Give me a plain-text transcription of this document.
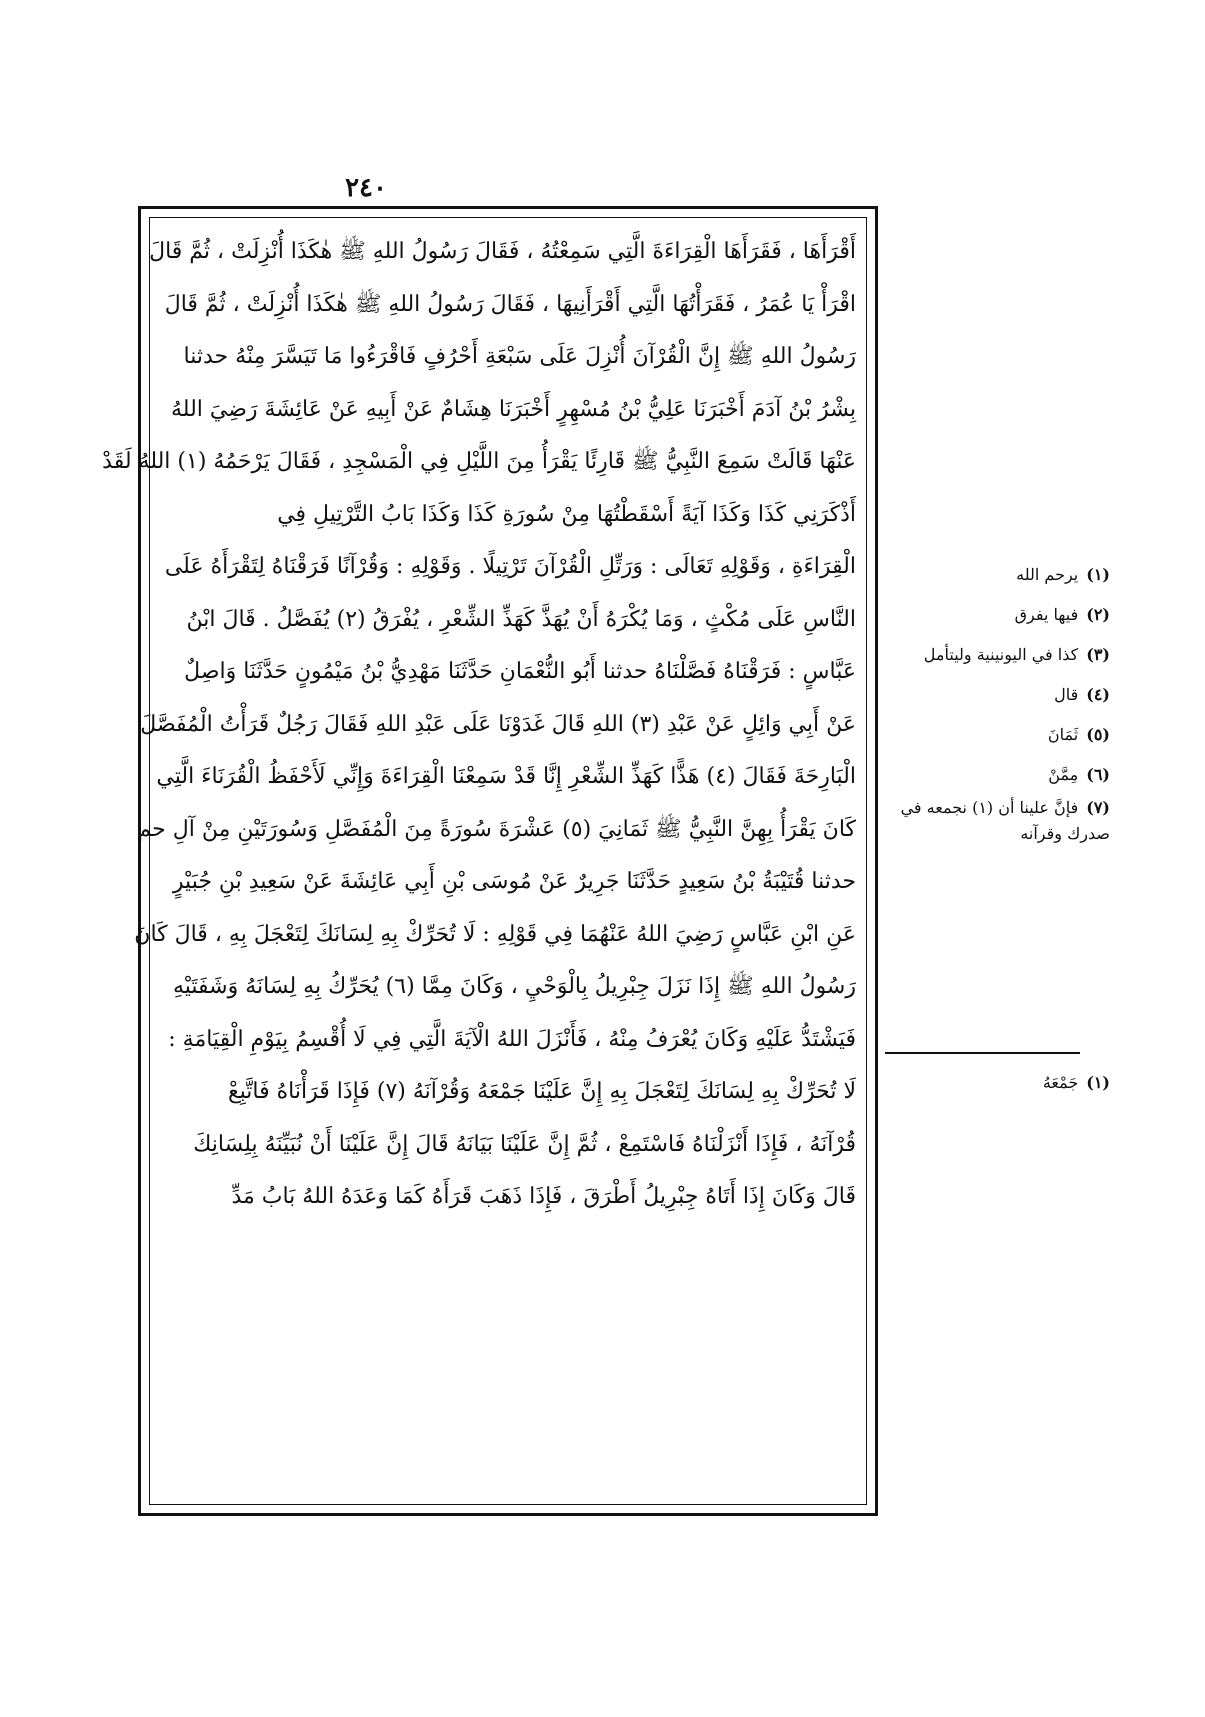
٢٤٠
أَقْرَأَهَا ، فَقَرَأَهَا الْقِرَاءَةَ الَّتِي سَمِعْتُهُ ، فَقَالَ رَسُولُ اللهِ ﷺ هٰكَذَا أُنْزِلَتْ ، ثُمَّ قَالَ
اقْرَأْ يَا عُمَرُ ، فَقَرَأْتُهَا الَّتِي أَقْرَأَنِيهَا ، فَقَالَ رَسُولُ اللهِ ﷺ هٰكَذَا أُنْزِلَتْ ، ثُمَّ قَالَ
رَسُولُ اللهِ ﷺ إِنَّ الْقُرْآنَ أُنْزِلَ عَلَى سَبْعَةِ أَحْرُفٍ فَاقْرَءُوا مَا تَيَسَّرَ مِنْهُ حدثنا
بِشْرُ بْنُ آدَمَ أَخْبَرَنَا عَلِيُّ بْنُ مُسْهِرٍ أَخْبَرَنَا هِشَامٌ عَنْ أَبِيهِ عَنْ عَائِشَةَ رَضِيَ اللهُ
عَنْهَا قَالَتْ سَمِعَ النَّبِيُّ ﷺ قَارِئًا يَقْرَأُ مِنَ اللَّيْلِ فِي الْمَسْجِدِ ، فَقَالَ يَرْحَمُهُ (١) اللهُ لَقَدْ
أَذْكَرَنِي كَذَا وَكَذَا آيَةً أَسْقَطْتُهَا مِنْ سُورَةِ كَذَا وَكَذَا بَابُ التَّرْتِيلِ فِي
الْقِرَاءَةِ ، وَقَوْلِهِ تَعَالَى : وَرَتِّلِ الْقُرْآنَ تَرْتِيلًا . وَقَوْلِهِ : وَقُرْآنًا فَرَقْنَاهُ لِتَقْرَأَهُ عَلَى
النَّاسِ عَلَى مُكْثٍ ، وَمَا يُكْرَهُ أَنْ يُهَذَّ كَهَذِّ الشِّعْرِ ، يُفْرَقُ (٢) يُفَصَّلُ . قَالَ ابْنُ
عَبَّاسٍ : فَرَقْنَاهُ فَصَّلْنَاهُ حدثنا أَبُو النُّعْمَانِ حَدَّثَنَا مَهْدِيُّ بْنُ مَيْمُونٍ حَدَّثَنَا وَاصِلٌ
عَنْ أَبِي وَائِلٍ عَنْ عَبْدِ (٣) اللهِ قَالَ غَدَوْنَا عَلَى عَبْدِ اللهِ فَقَالَ رَجُلٌ قَرَأْتُ الْمُفَصَّلَ
الْبَارِحَةَ فَقَالَ (٤) هَذًّا كَهَذِّ الشِّعْرِ إِنَّا قَدْ سَمِعْنَا الْقِرَاءَةَ وَإِنِّي لَأَحْفَظُ الْقُرَنَاءَ الَّتِي
كَانَ يَقْرَأُ بِهِنَّ النَّبِيُّ ﷺ ثَمَانِيَ (٥) عَشْرَةَ سُورَةً مِنَ الْمُفَصَّلِ وَسُورَتَيْنِ مِنْ آلِ حم
حدثنا قُتَيْبَةُ بْنُ سَعِيدٍ حَدَّثَنَا جَرِيرٌ عَنْ مُوسَى بْنِ أَبِي عَائِشَةَ عَنْ سَعِيدِ بْنِ جُبَيْرٍ
عَنِ ابْنِ عَبَّاسٍ رَضِيَ اللهُ عَنْهُمَا فِي قَوْلِهِ : لَا تُحَرِّكْ بِهِ لِسَانَكَ لِتَعْجَلَ بِهِ ، قَالَ كَانَ
رَسُولُ اللهِ ﷺ إِذَا نَزَلَ جِبْرِيلُ بِالْوَحْيِ ، وَكَانَ مِمَّا (٦) يُحَرِّكُ بِهِ لِسَانَهُ وَشَفَتَيْهِ
فَيَشْتَدُّ عَلَيْهِ وَكَانَ يُعْرَفُ مِنْهُ ، فَأَنْزَلَ اللهُ الْآيَةَ الَّتِي فِي لَا أُقْسِمُ بِيَوْمِ الْقِيَامَةِ :
لَا تُحَرِّكْ بِهِ لِسَانَكَ لِتَعْجَلَ بِهِ إِنَّ عَلَيْنَا جَمْعَهُ وَقُرْآنَهُ (٧) فَإِذَا قَرَأْنَاهُ فَاتَّبِعْ
قُرْآنَهُ ، فَإِذَا أَنْزَلْنَاهُ فَاسْتَمِعْ ، ثُمَّ إِنَّ عَلَيْنَا بَيَانَهُ قَالَ إِنَّ عَلَيْنَا أَنْ نُبَيِّنَهُ بِلِسَانِكَ
قَالَ وَكَانَ إِذَا أَتَاهُ جِبْرِيلُ أَطْرَقَ ، فَإِذَا ذَهَبَ قَرَأَهُ كَمَا وَعَدَهُ اللهُ بَابُ مَدِّ
(١)يرحم الله
(٢)فيها يفرق
(٣)كذا في اليونينية وليتأمل
(٤)قال
(٥)ثَمَانَ
(٦)مِمَّنْ
(٧)فإنَّ علينا أن (١) نجمعه في صدرك وقرآنه
(١)جَمْعَهُ
